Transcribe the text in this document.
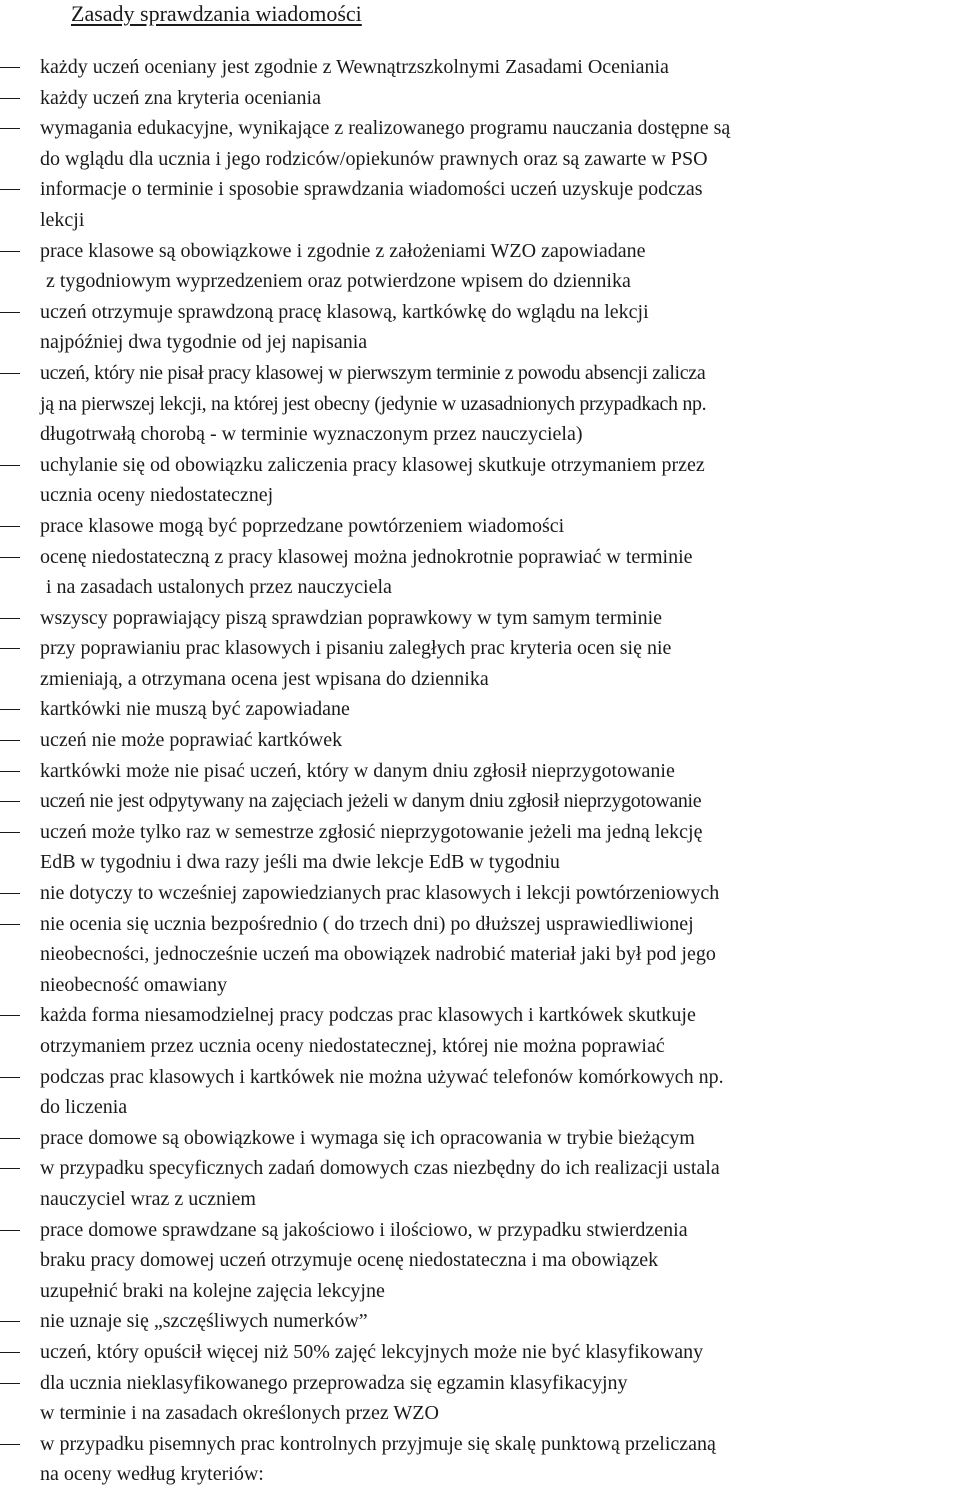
Zasady sprawdzania wiadomości
każdy uczeń oceniany jest zgodnie z Wewnątrzszkolnymi Zasadami Oceniania
każdy uczeń zna kryteria oceniania
wymagania edukacyjne, wynikające z realizowanego programu nauczania dostępne są
do wglądu dla ucznia i jego rodziców/opiekunów prawnych oraz są zawarte w PSO
informacje o terminie i sposobie sprawdzania wiadomości uczeń uzyskuje podczas
lekcji
prace klasowe są obowiązkowe i zgodnie z założeniami WZO zapowiadane
z tygodniowym wyprzedzeniem oraz potwierdzone wpisem do dziennika
uczeń otrzymuje sprawdzoną pracę klasową, kartkówkę do wglądu na lekcji
najpóźniej dwa tygodnie od jej napisania
uczeń, który nie pisał pracy klasowej w pierwszym terminie z powodu absencji zalicza
ją na pierwszej lekcji, na której jest obecny (jedynie w uzasadnionych przypadkach np.
długotrwałą chorobą - w terminie wyznaczonym przez nauczyciela)
uchylanie się od obowiązku zaliczenia pracy klasowej skutkuje otrzymaniem przez
ucznia oceny niedostatecznej
prace klasowe mogą być poprzedzane powtórzeniem wiadomości
ocenę niedostateczną z pracy klasowej można jednokrotnie poprawiać w terminie
i na zasadach ustalonych przez nauczyciela
wszyscy poprawiający piszą sprawdzian poprawkowy w tym samym terminie
przy poprawianiu prac klasowych i pisaniu zaległych prac kryteria ocen się nie
zmieniają, a otrzymana ocena jest wpisana do dziennika
kartkówki nie muszą być zapowiadane
uczeń nie może poprawiać kartkówek
kartkówki może nie pisać uczeń, który w danym dniu zgłosił nieprzygotowanie
uczeń nie jest odpytywany na zajęciach jeżeli w danym dniu zgłosił nieprzygotowanie
uczeń może tylko raz w semestrze zgłosić nieprzygotowanie jeżeli ma jedną lekcję
EdB w tygodniu i dwa razy jeśli ma dwie lekcje EdB w tygodniu
nie dotyczy to wcześniej zapowiedzianych prac klasowych i lekcji powtórzeniowych
nie ocenia się ucznia bezpośrednio ( do trzech dni) po dłuższej usprawiedliwionej
nieobecności, jednocześnie uczeń ma obowiązek nadrobić materiał jaki był pod jego
nieobecność omawiany
każda forma niesamodzielnej pracy podczas prac klasowych i kartkówek skutkuje
otrzymaniem przez ucznia oceny niedostatecznej, której nie można poprawiać
podczas prac klasowych i kartkówek nie można używać telefonów komórkowych np.
do liczenia
prace domowe są obowiązkowe i wymaga się ich opracowania w trybie bieżącym
w przypadku specyficznych zadań domowych czas niezbędny do ich realizacji ustala
nauczyciel wraz z uczniem
prace domowe sprawdzane są jakościowo i ilościowo, w przypadku stwierdzenia
braku pracy domowej uczeń otrzymuje ocenę niedostateczna i ma obowiązek
uzupełnić braki na kolejne zajęcia lekcyjne
nie uznaje się „szczęśliwych numerków”
uczeń, który opuścił więcej niż 50% zajęć lekcyjnych może nie być klasyfikowany
dla ucznia nieklasyfikowanego przeprowadza się egzamin klasyfikacyjny
w terminie i na zasadach określonych przez WZO
w przypadku pisemnych prac kontrolnych przyjmuje się skalę punktową przeliczaną
na oceny według kryteriów:
